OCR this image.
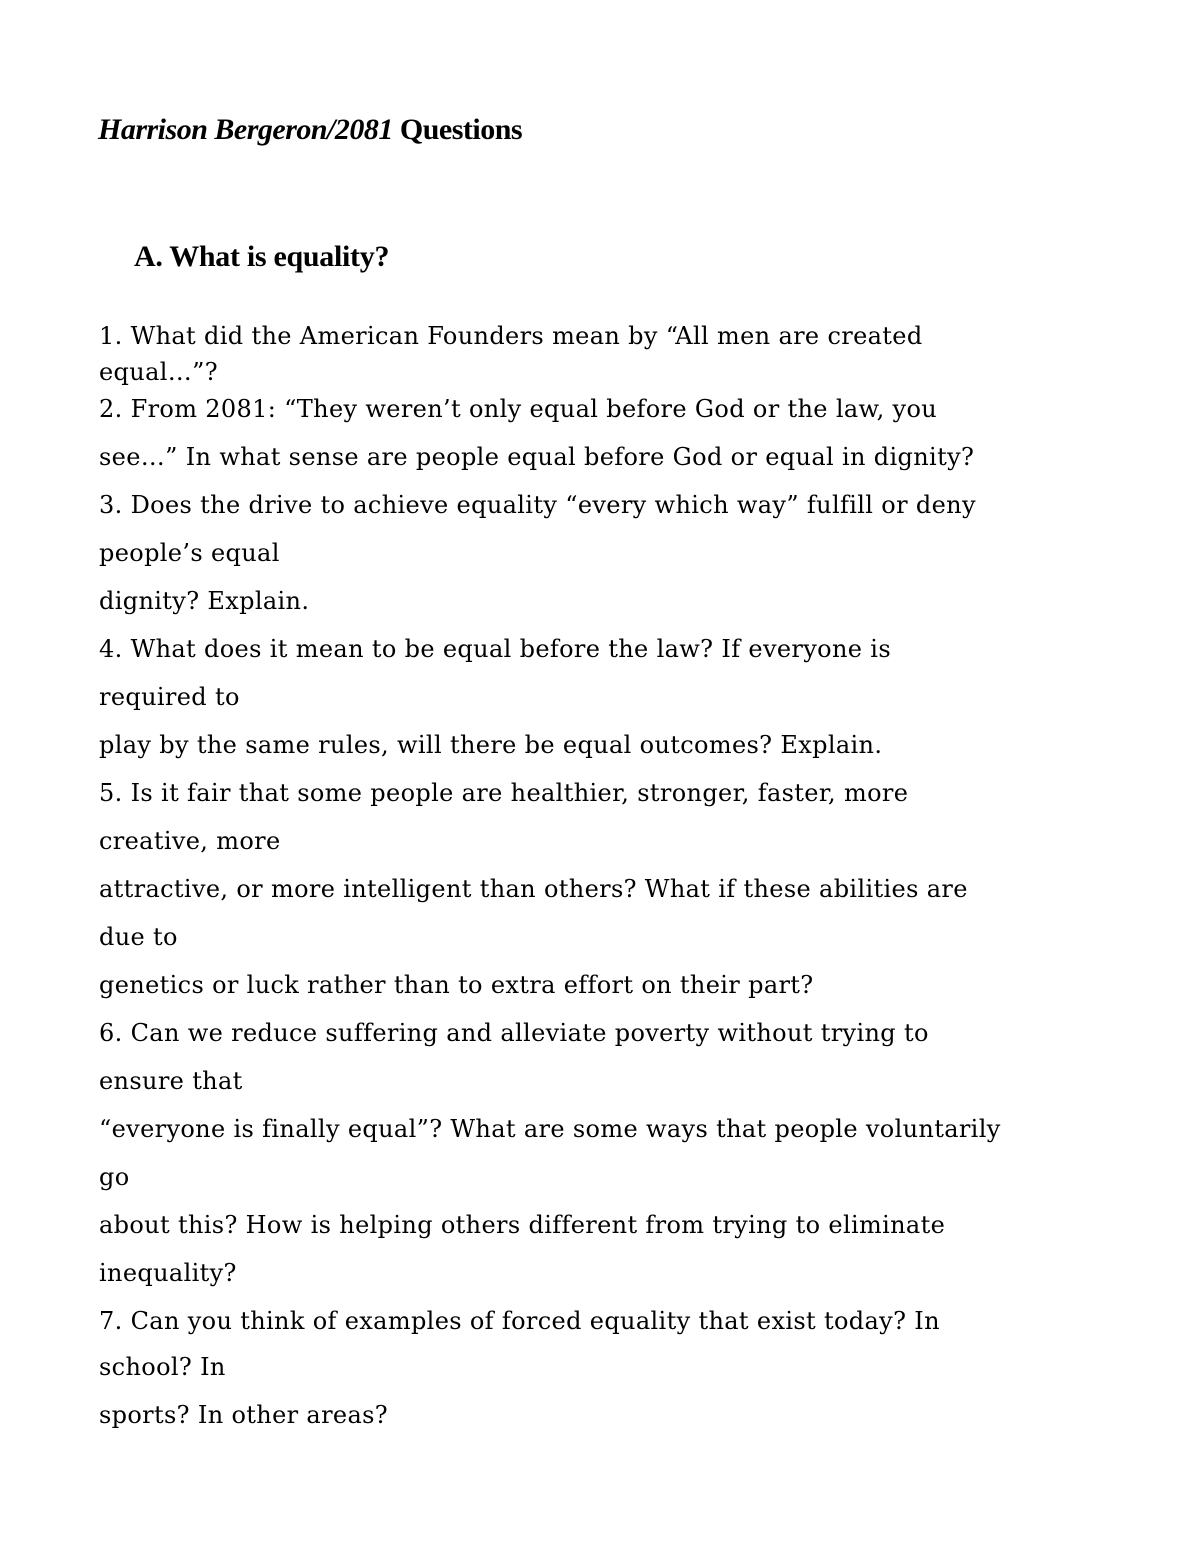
Harrison Bergeron/2081 Questions
A. What is equality?
1. What did the American Founders mean by “All men are created
equal…”?
2. From 2081: “They weren’t only equal before God or the law, you
see…” In what sense are people equal before God or equal in dignity?
3. Does the drive to achieve equality “every which way” fulfill or deny
people’s equal
dignity? Explain.
4. What does it mean to be equal before the law? If everyone is
required to
play by the same rules, will there be equal outcomes? Explain.
5. Is it fair that some people are healthier, stronger, faster, more
creative, more
attractive, or more intelligent than others? What if these abilities are
due to
genetics or luck rather than to extra effort on their part?
6. Can we reduce suffering and alleviate poverty without trying to
ensure that
“everyone is finally equal”? What are some ways that people voluntarily
go
about this? How is helping others different from trying to eliminate
inequality?
7. Can you think of examples of forced equality that exist today? In
school? In
sports? In other areas?
